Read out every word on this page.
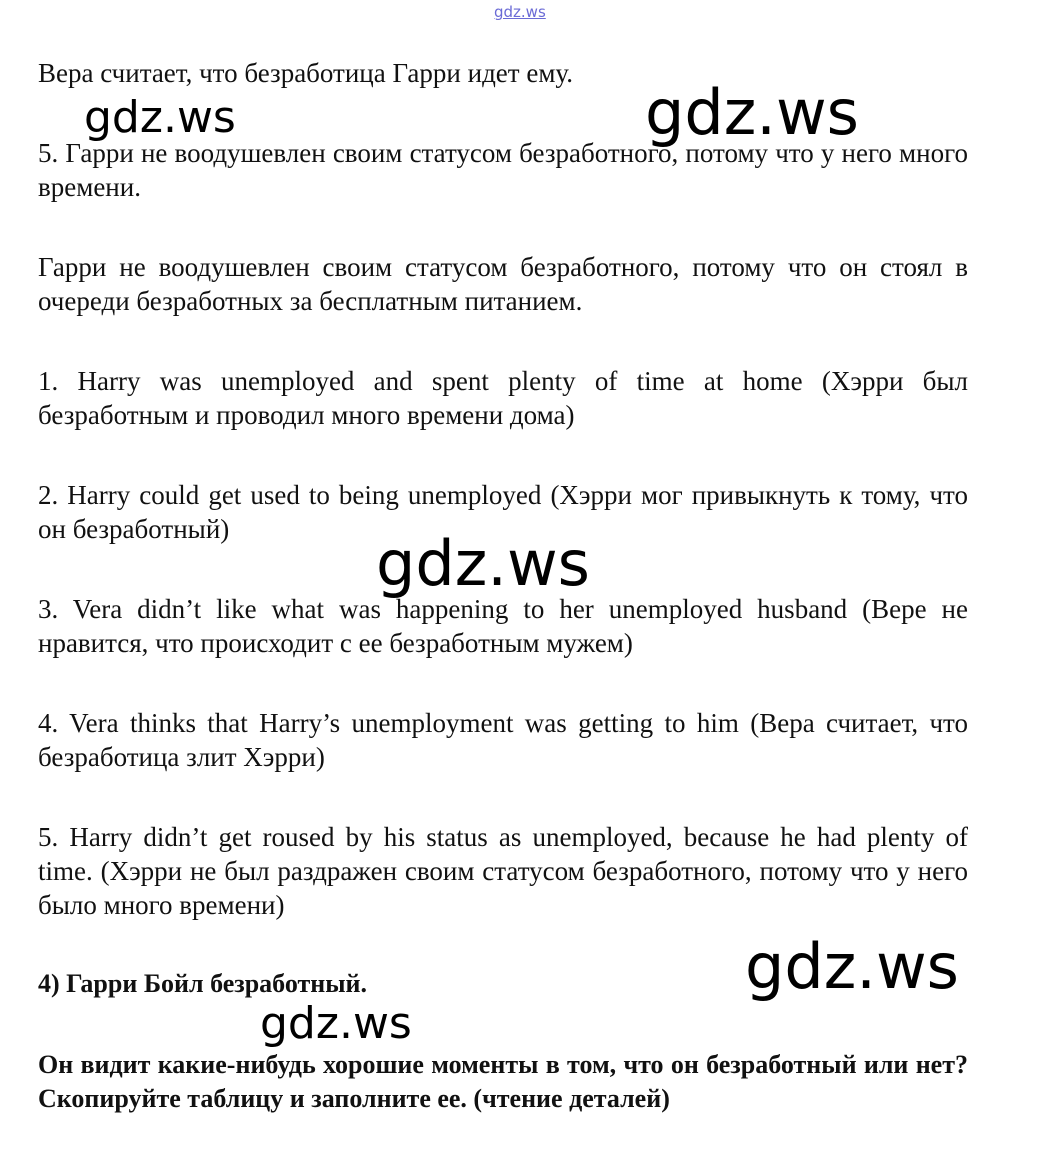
gdz.ws

Вера считает, что безработица Гарри идет ему.

gdz.ws	gdz.ws

5. Гарри не воодушевлен своим статусом безработного, потому что у него много времени.

Гарри не воодушевлен своим статусом безработного, потому что он стоял в очереди безработных за бесплатным питанием.

1. Harry was unemployed and spent plenty of time at home (Хэрри был безработным и проводил много времени дома)

2. Harry could get used to being unemployed (Хэрри мог привыкнуть к тому, что он безработный)	gdz.ws

3. Vera didn’t like what was happening to her unemployed husband (Вере не нравится, что происходит с ее безработным мужем)

4. Vera thinks that Harry’s unemployment was getting to him (Вера считает, что безработица злит Хэрри)

5. Harry didn’t get roused by his status as unemployed, because he had plenty of time. (Хэрри не был раздражен своим статусом безработного, потому что у него было много времени)

gdz.ws

4) Гарри Бойл безработный.

gdz.ws

Он видит какие-нибудь хорошие моменты в том, что он безработный или нет? Скопируйте таблицу и заполните ее. (чтение деталей)
